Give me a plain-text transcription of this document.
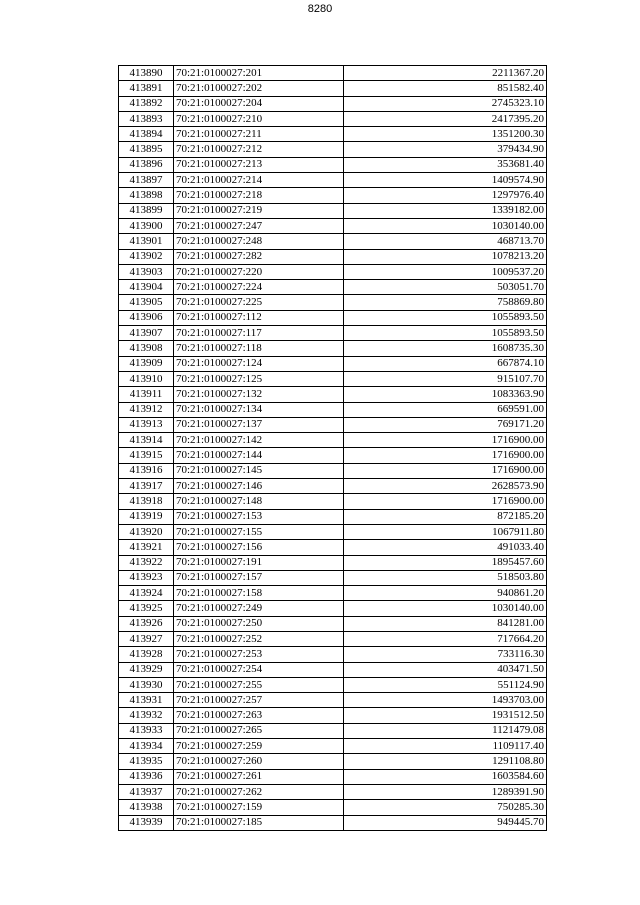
8280
413890	70:21:0100027:201	2211367.20
413891	70:21:0100027:202	851582.40
413892	70:21:0100027:204	2745323.10
413893	70:21:0100027:210	2417395.20
413894	70:21:0100027:211	1351200.30
413895	70:21:0100027:212	379434.90
413896	70:21:0100027:213	353681.40
413897	70:21:0100027:214	1409574.90
413898	70:21:0100027:218	1297976.40
413899	70:21:0100027:219	1339182.00
413900	70:21:0100027:247	1030140.00
413901	70:21:0100027:248	468713.70
413902	70:21:0100027:282	1078213.20
413903	70:21:0100027:220	1009537.20
413904	70:21:0100027:224	503051.70
413905	70:21:0100027:225	758869.80
413906	70:21:0100027:112	1055893.50
413907	70:21:0100027:117	1055893.50
413908	70:21:0100027:118	1608735.30
413909	70:21:0100027:124	667874.10
413910	70:21:0100027:125	915107.70
413911	70:21:0100027:132	1083363.90
413912	70:21:0100027:134	669591.00
413913	70:21:0100027:137	769171.20
413914	70:21:0100027:142	1716900.00
413915	70:21:0100027:144	1716900.00
413916	70:21:0100027:145	1716900.00
413917	70:21:0100027:146	2628573.90
413918	70:21:0100027:148	1716900.00
413919	70:21:0100027:153	872185.20
413920	70:21:0100027:155	1067911.80
413921	70:21:0100027:156	491033.40
413922	70:21:0100027:191	1895457.60
413923	70:21:0100027:157	518503.80
413924	70:21:0100027:158	940861.20
413925	70:21:0100027:249	1030140.00
413926	70:21:0100027:250	841281.00
413927	70:21:0100027:252	717664.20
413928	70:21:0100027:253	733116.30
413929	70:21:0100027:254	403471.50
413930	70:21:0100027:255	551124.90
413931	70:21:0100027:257	1493703.00
413932	70:21:0100027:263	1931512.50
413933	70:21:0100027:265	1121479.08
413934	70:21:0100027:259	1109117.40
413935	70:21:0100027:260	1291108.80
413936	70:21:0100027:261	1603584.60
413937	70:21:0100027:262	1289391.90
413938	70:21:0100027:159	750285.30
413939	70:21:0100027:185	949445.70
